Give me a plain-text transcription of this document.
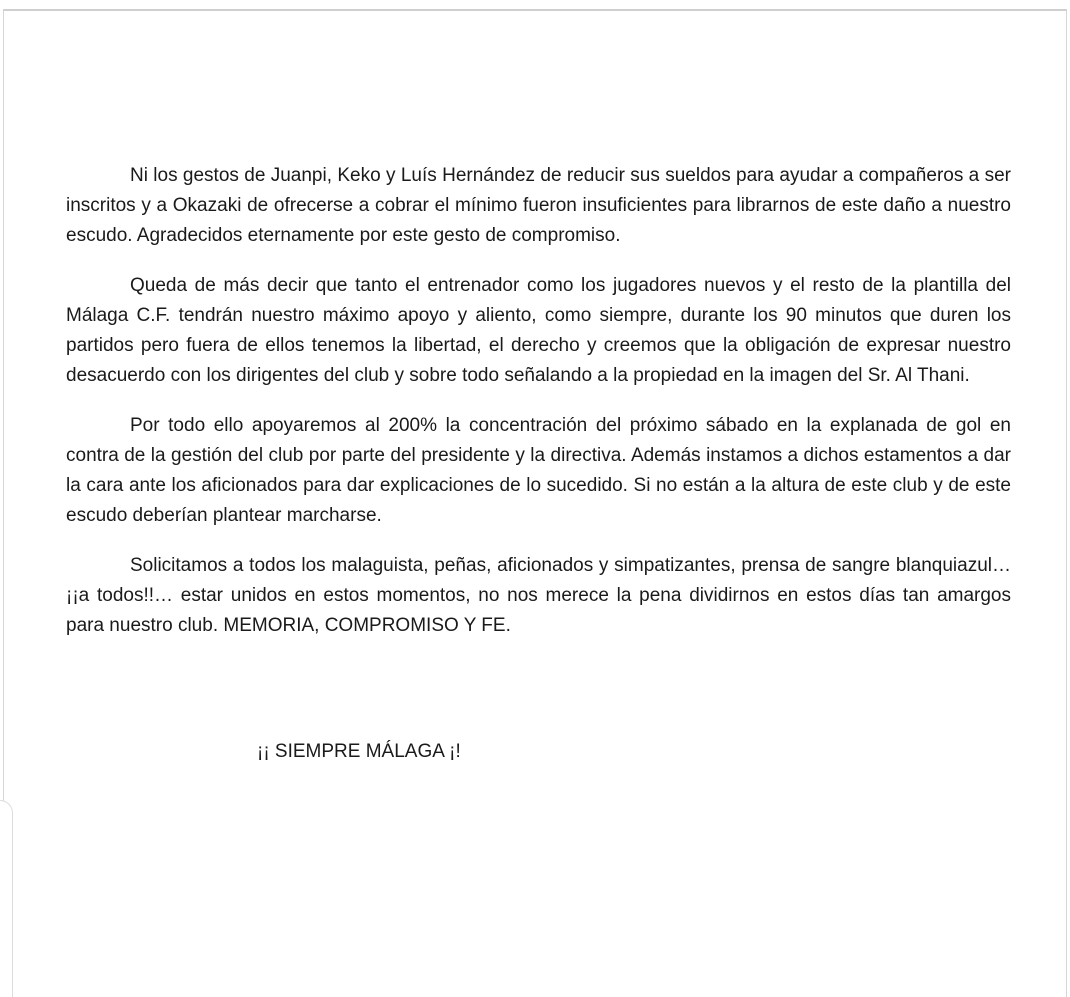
Ni los gestos de Juanpi, Keko y Luís Hernández de reducir sus sueldos para ayudar a compañeros a ser inscritos y a Okazaki de ofrecerse a cobrar el mínimo fueron insuficientes para librarnos de este daño a nuestro escudo. Agradecidos eternamente por este gesto de compromiso.

Queda de más decir que tanto el entrenador como los jugadores nuevos y el resto de la plantilla del Málaga C.F. tendrán nuestro máximo apoyo y aliento, como siempre, durante los 90 minutos que duren los partidos pero fuera de ellos tenemos la libertad, el derecho y creemos que la obligación de expresar nuestro desacuerdo con los dirigentes del club y sobre todo señalando a la propiedad en la imagen del Sr. Al Thani.

Por todo ello apoyaremos al 200% la concentración del próximo sábado en la explanada de gol en contra de la gestión del club por parte del presidente y la directiva. Además instamos a dichos estamentos a dar la cara ante los aficionados para dar explicaciones de lo sucedido. Si no están a la altura de este club y de este escudo deberían plantear marcharse.

Solicitamos a todos los malaguista, peñas, aficionados y simpatizantes, prensa de sangre blanquiazul… ¡¡a todos!!… estar unidos en estos momentos, no nos merece la pena dividirnos en estos días tan amargos para nuestro club. MEMORIA, COMPROMISO Y FE.

¡¡ SIEMPRE MÁLAGA ¡!
